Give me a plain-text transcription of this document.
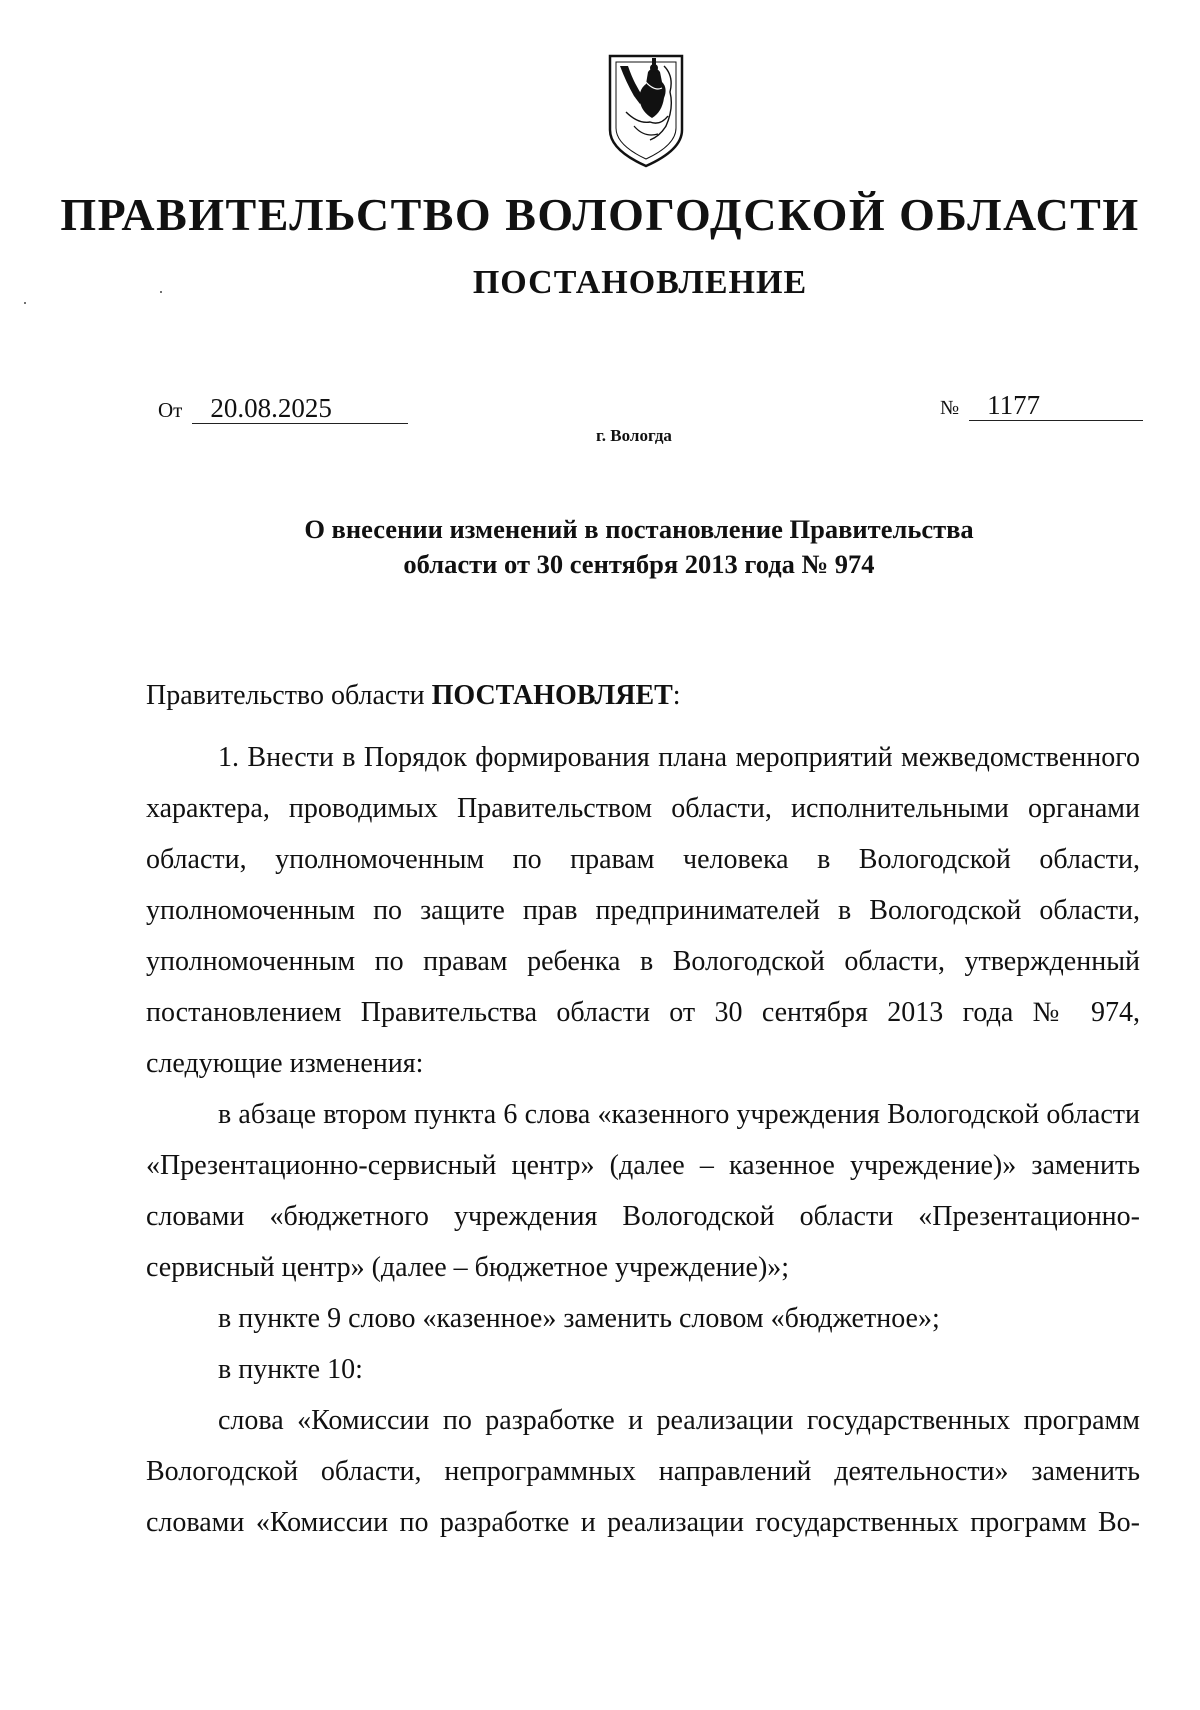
ПРАВИТЕЛЬСТВО ВОЛОГОДСКОЙ ОБЛАСТИ
ПОСТАНОВЛЕНИЕ
От 20.08.2025	№ 1177
г. Вологда
О внесении изменений в постановление Правительства
области от 30 сентября 2013 года № 974

Правительство области ПОСТАНОВЛЯЕТ:

1. Внести в Порядок формирования плана мероприятий межведомственного характера, проводимых Правительством области, исполнительными органами области, уполномоченным по правам человека в Вологодской области, уполномоченным по защите прав предпринимателей в Вологодской области, уполномоченным по правам ребенка в Вологодской области, утвержденный постановлением Правительства области от 30 сентября 2013 года № 974, следующие изменения:

в абзаце втором пункта 6 слова «казенного учреждения Вологодской области «Презентационно-сервисный центр» (далее – казенное учреждение)» заменить словами «бюджетного учреждения Вологодской области «Презентационно-сервисный центр» (далее – бюджетное учреждение)»;

в пункте 9 слово «казенное» заменить словом «бюджетное»;

в пункте 10:

слова «Комиссии по разработке и реализации государственных программ Вологодской области, непрограммных направлений деятельности» заменить словами «Комиссии по разработке и реализации государственных программ Во-
